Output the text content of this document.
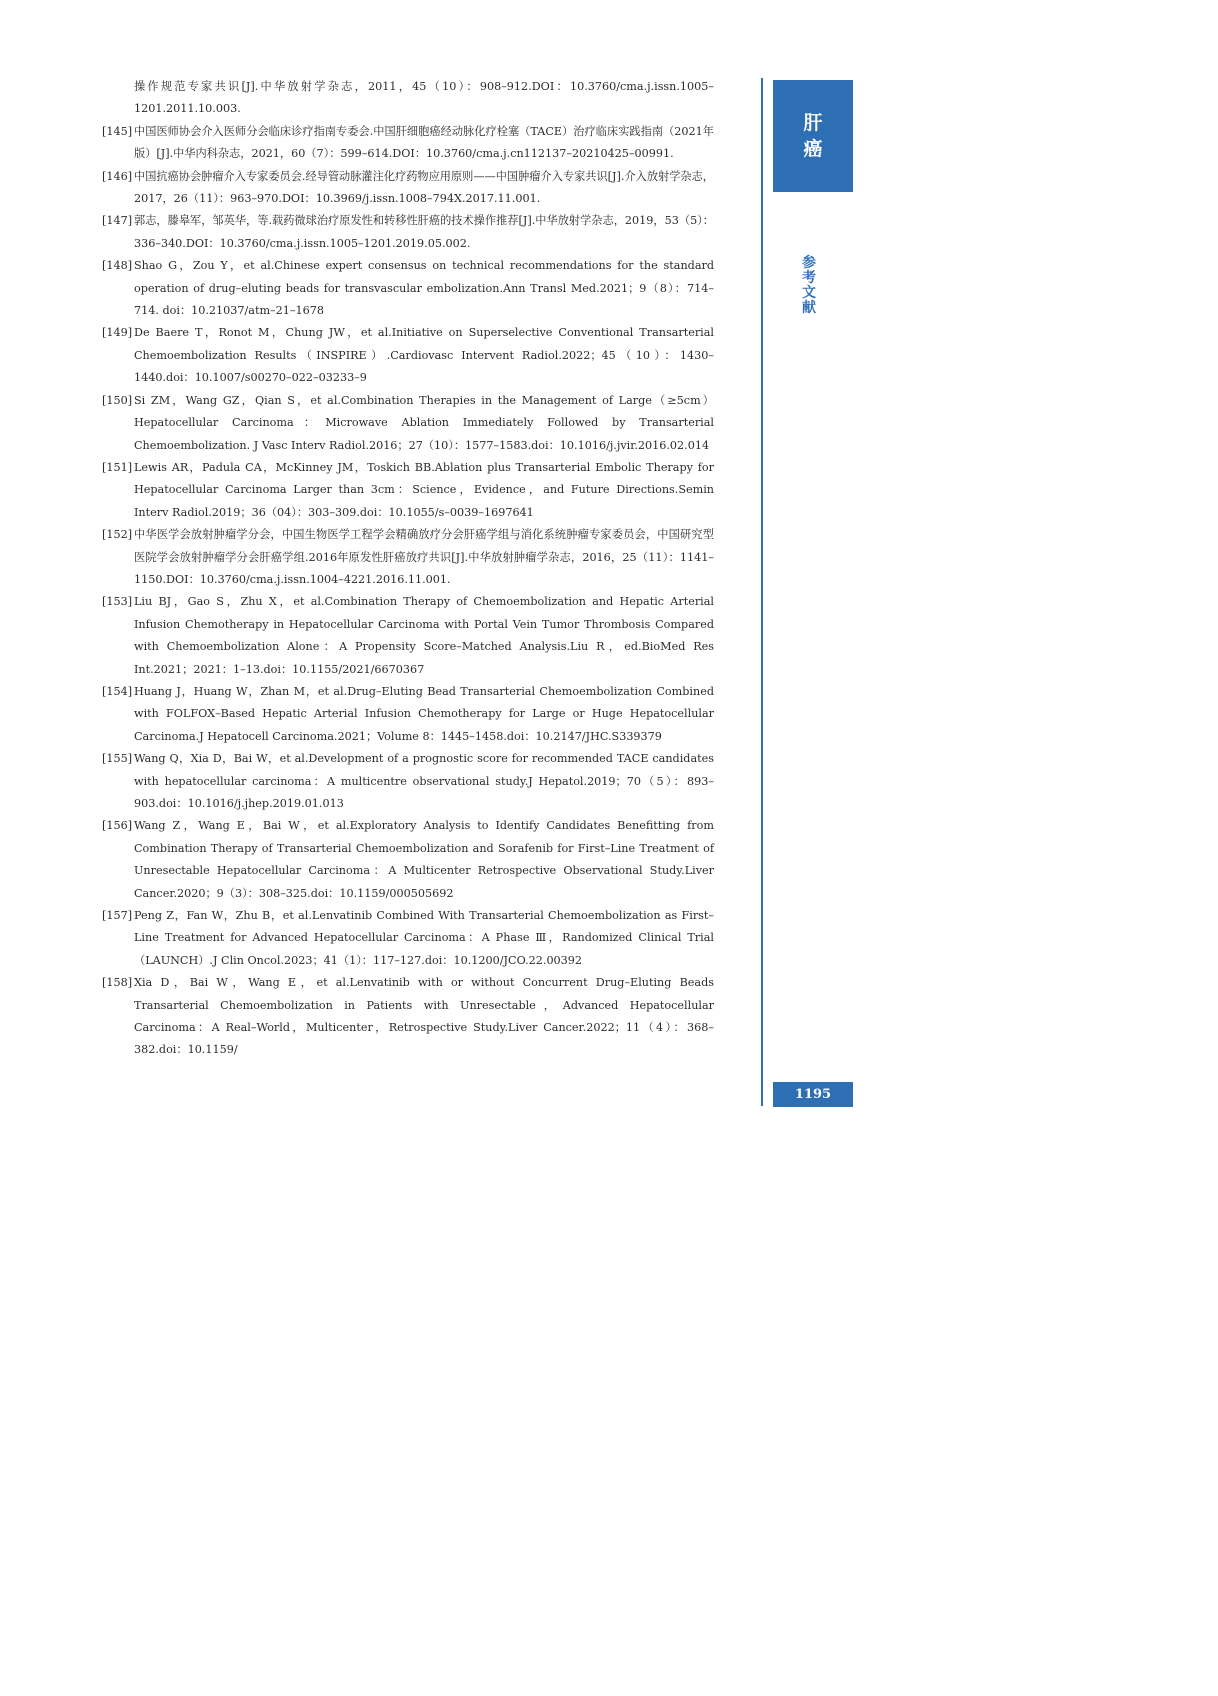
操作规范专家共识[J].中华放射学杂志，2011，45（10）：908–912.DOI：10.3760/cma.j.issn.1005–1201.2011.10.003.
[145] 中国医师协会介入医师分会临床诊疗指南专委会.中国肝细胞癌经动脉化疗栓塞（TACE）治疗临床实践指南（2021年版）[J].中华内科杂志，2021，60（7）：599–614.DOI：10.3760/cma.j.cn112137–20210425–00991.
[146] 中国抗癌协会肿瘤介入专家委员会.经导管动脉灌注化疗药物应用原则——中国肿瘤介入专家共识[J].介入放射学杂志，2017，26（11）：963–970.DOI：10.3969/j.issn.1008–794X.2017.11.001.
[147] 郭志，滕皋军，邹英华，等.载药微球治疗原发性和转移性肝癌的技术操作推荐[J].中华放射学杂志，2019，53（5）：336–340.DOI：10.3760/cma.j.issn.1005–1201.2019.05.002.
[148] Shao G，Zou Y，et al.Chinese expert consensus on technical recommendations for the standard operation of drug–eluting beads for transvascular embolization.Ann Transl Med.2021；9（8）：714–714. doi：10.21037/atm–21–1678
[149] De Baere T，Ronot M，Chung JW，et al.Initiative on Superselective Conventional Transarterial Chemoembolization Results（INSPIRE）.Cardiovasc Intervent Radiol.2022；45（10）：1430–1440.doi：10.1007/s00270–022–03233–9
[150] Si ZM，Wang GZ，Qian S，et al.Combination Therapies in the Management of Large（≥5cm）Hepatocellular Carcinoma：Microwave Ablation Immediately Followed by Transarterial Chemoembolization. J Vasc Interv Radiol.2016；27（10）：1577–1583.doi：10.1016/j.jvir.2016.02.014
[151] Lewis AR，Padula CA，McKinney JM，Toskich BB.Ablation plus Transarterial Embolic Therapy for Hepatocellular Carcinoma Larger than 3cm：Science，Evidence，and Future Directions.Semin Interv Radiol.2019；36（04）：303–309.doi：10.1055/s–0039–1697641
[152] 中华医学会放射肿瘤学分会，中国生物医学工程学会精确放疗分会肝癌学组与消化系统肿瘤专家委员会，中国研究型医院学会放射肿瘤学分会肝癌学组.2016年原发性肝癌放疗共识[J].中华放射肿瘤学杂志，2016，25（11）：1141–1150.DOI：10.3760/cma.j.issn.1004–4221.2016.11.001.
[153] Liu BJ，Gao S，Zhu X，et al.Combination Therapy of Chemoembolization and Hepatic Arterial Infusion Chemotherapy in Hepatocellular Carcinoma with Portal Vein Tumor Thrombosis Compared with Chemoembolization Alone：A Propensity Score–Matched Analysis.Liu R，ed.BioMed Res Int.2021；2021：1–13.doi：10.1155/2021/6670367
[154] Huang J，Huang W，Zhan M，et al.Drug–Eluting Bead Transarterial Chemoembolization Combined with FOLFOX–Based Hepatic Arterial Infusion Chemotherapy for Large or Huge Hepatocellular Carcinoma.J Hepatocell Carcinoma.2021；Volume 8：1445–1458.doi：10.2147/JHC.S339379
[155] Wang Q，Xia D，Bai W，et al.Development of a prognostic score for recommended TACE candidates with hepatocellular carcinoma：A multicentre observational study.J Hepatol.2019；70（5）：893–903.doi：10.1016/j.jhep.2019.01.013
[156] Wang Z，Wang E，Bai W，et al.Exploratory Analysis to Identify Candidates Benefitting from Combination Therapy of Transarterial Chemoembolization and Sorafenib for First–Line Treatment of Unresectable Hepatocellular Carcinoma：A Multicenter Retrospective Observational Study.Liver Cancer.2020；9（3）：308–325.doi：10.1159/000505692
[157] Peng Z，Fan W，Zhu B，et al.Lenvatinib Combined With Transarterial Chemoembolization as First–Line Treatment for Advanced Hepatocellular Carcinoma：A Phase Ⅲ，Randomized Clinical Trial（LAUNCH）.J Clin Oncol.2023；41（1）：117–127.doi：10.1200/JCO.22.00392
[158] Xia D，Bai W，Wang E，et al.Lenvatinib with or without Concurrent Drug–Eluting Beads Transarterial Chemoembolization in Patients with Unresectable，Advanced Hepatocellular Carcinoma：A Real–World，Multicenter，Retrospective Study.Liver Cancer.2022；11（4）：368–382.doi：10.1159/
肝
癌
参
考
文
献
1195
